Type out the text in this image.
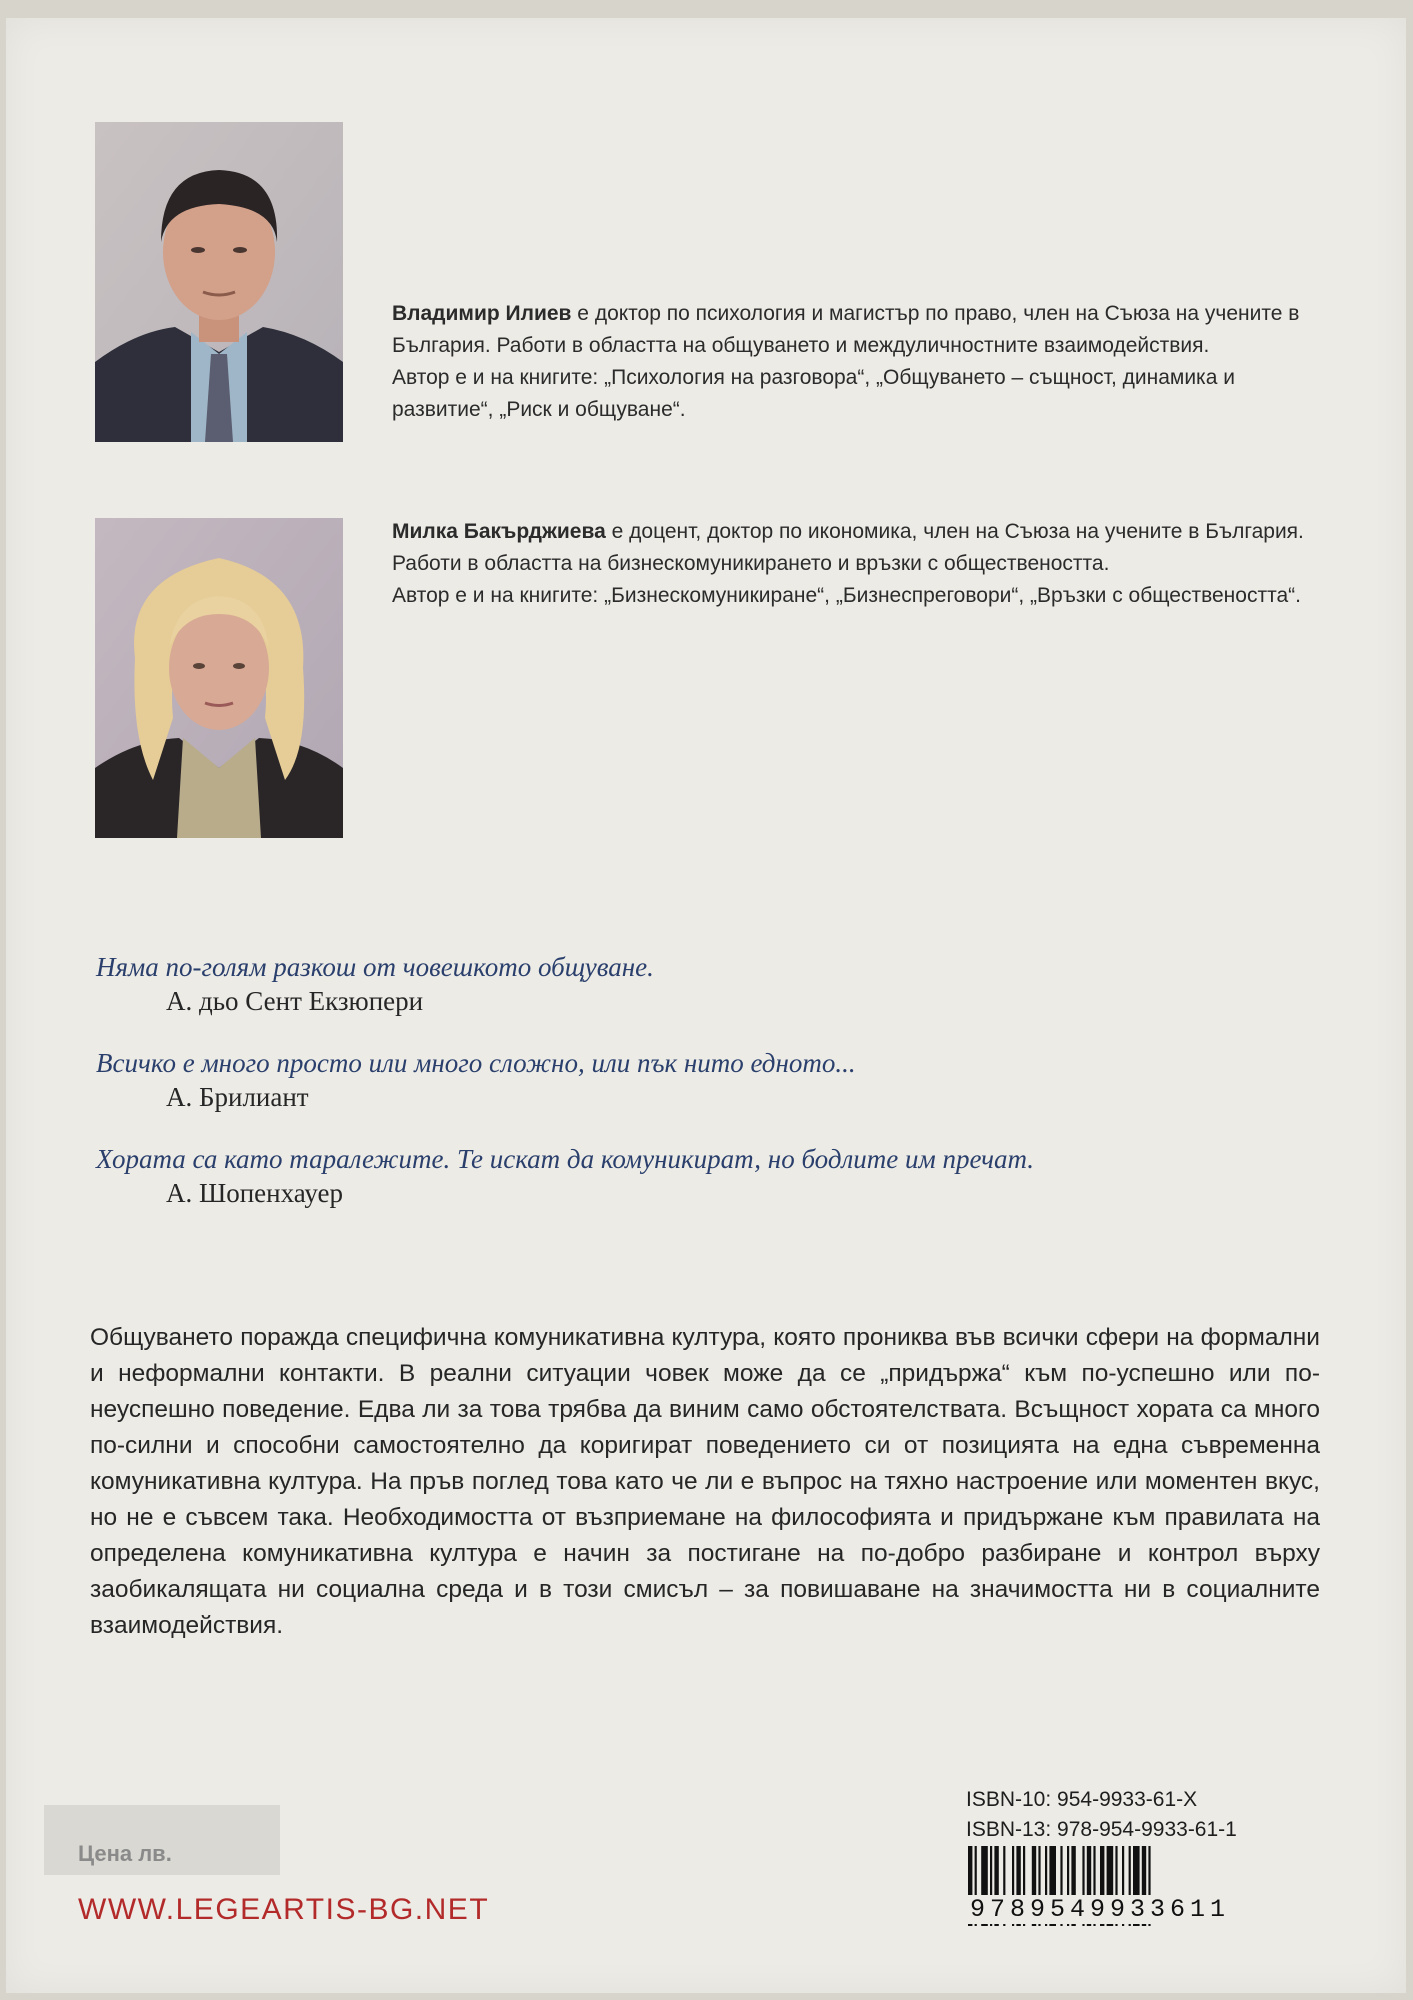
Владимир Илиев е доктор по психология и магистър по право, член на Съюза на учените в България. Работи в областта на общуването и междуличностните взаимодействия.
Автор е и на книгите: „Психология на разговора“, „Общуването – същност, динамика и развитие“, „Риск и общуване“.
Милка Бакърджиева е доцент, доктор по икономика, член на Съюза на учените в България. Работи в областта на бизнескомуникирането и връзки с обществеността.
Автор е и на книгите: „Бизнескомуникиране“, „Бизнеспреговори“, „Връзки с обществеността“.
Няма по-голям разкош от човешкото общуване.
А. дьо Сент Екзюпери
Всичко е много просто или много сложно, или пък нито едното...
А. Брилиант
Хората са като таралежите. Те искат да комуникират, но бодлите им пречат.
А. Шопенхауер
Общуването поражда специфична комуникативна култура, която прониква във всички сфери на формални и неформални контакти. В реални ситуации човек може да се „придържа“ към по-успешно или по-неуспешно поведение. Едва ли за това трябва да виним само обстоятелствата. Всъщност хората са много по-силни и способни самостоятелно да коригират поведението си от позицията на една съвременна комуникативна култура. На пръв поглед това като че ли е въпрос на тяхно настроение или моментен вкус, но не е съвсем така. Необходимостта от възприемане на философията и придържане към правилата на определена комуникативна култура е начин за постигане на по-добро разбиране и контрол върху заобикалящата ни социална среда и в този смисъл – за повишаване на значимостта ни в социалните взаимодействия.
Цена лв.
WWW.LEGEARTIS-BG.NET
ISBN-10: 954-9933-61-X
ISBN-13: 978-954-9933-61-1
9789549933611
